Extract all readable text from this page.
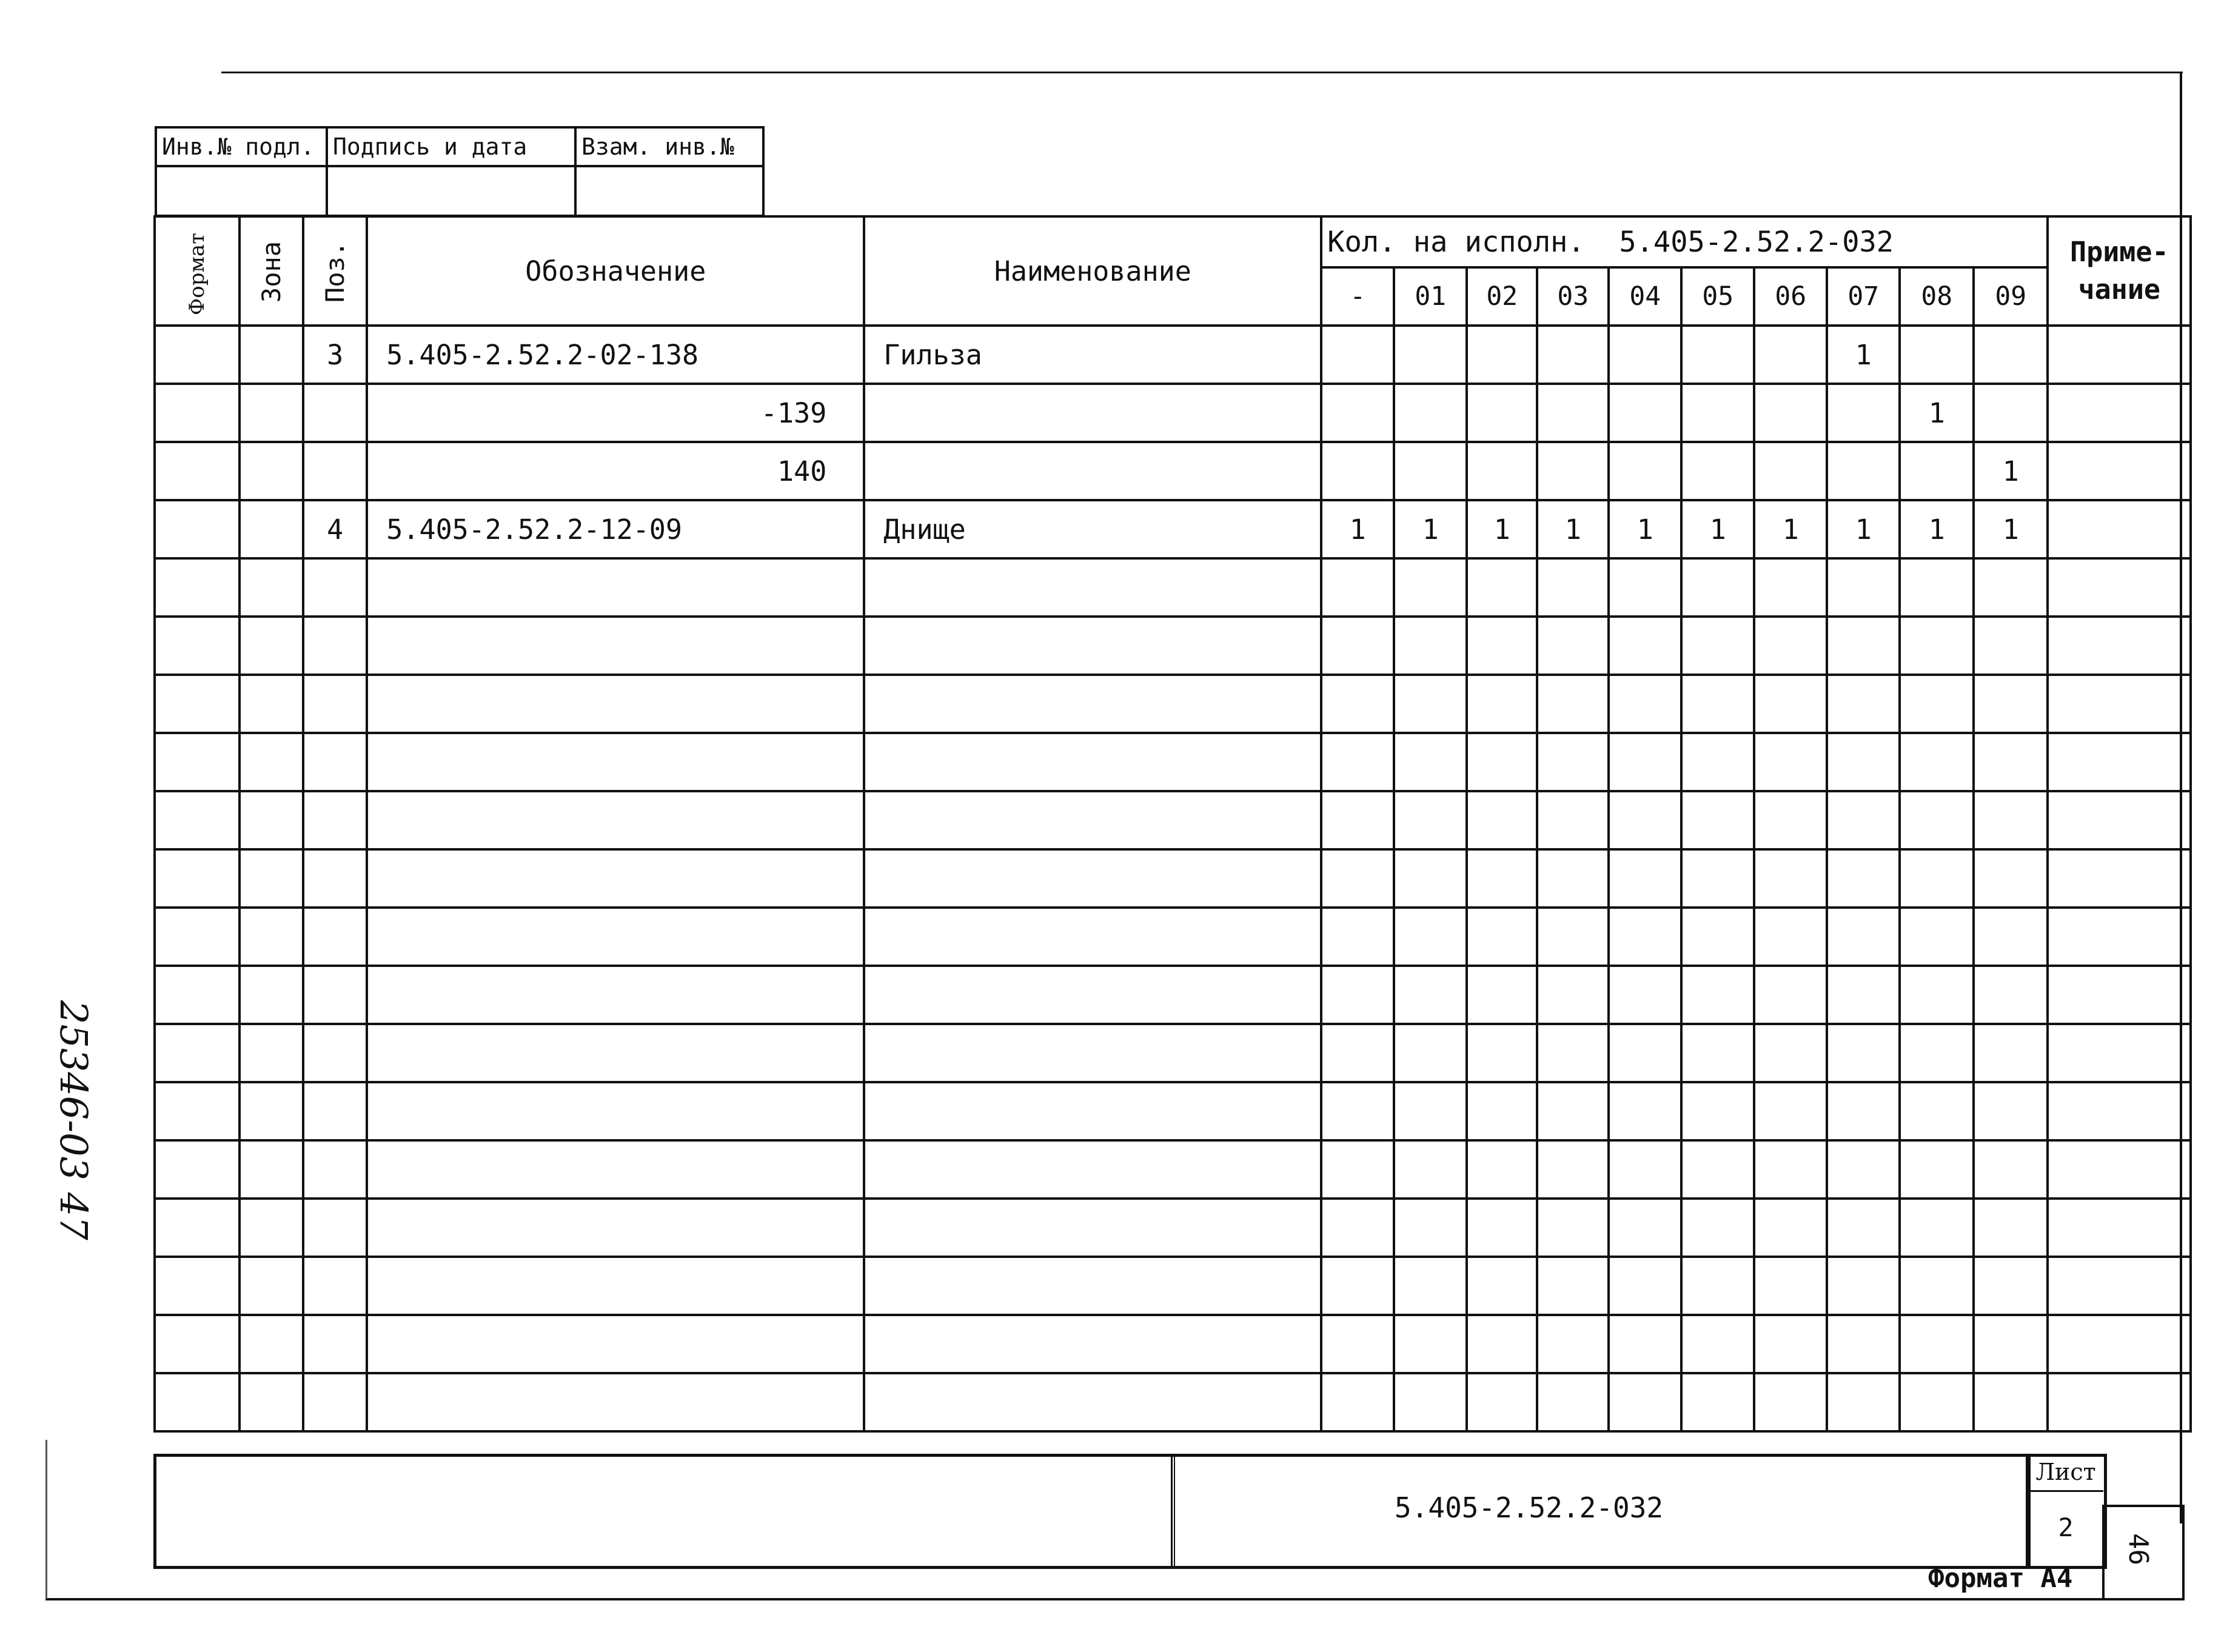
Инв.№ подл.	Подпись и дата	Взам. инв.№

Формат	Зона	Поз.	Обозначение	Наименование	Кол. на исполн. 5.405-2.52.2-032										Приме-
чание
					-	01	02	03	04	05	06	07	08	09	
		3	5.405-2.52.2-02-138	Гильза								1			
			-139										1		
			140											1	
		4	5.405-2.52.2-12-09	Днище	1	1	1	1	1	1	1	1	1	1	

5.405-2.52.2-032
Лист
2
Формат А4
46
25346-03 47
